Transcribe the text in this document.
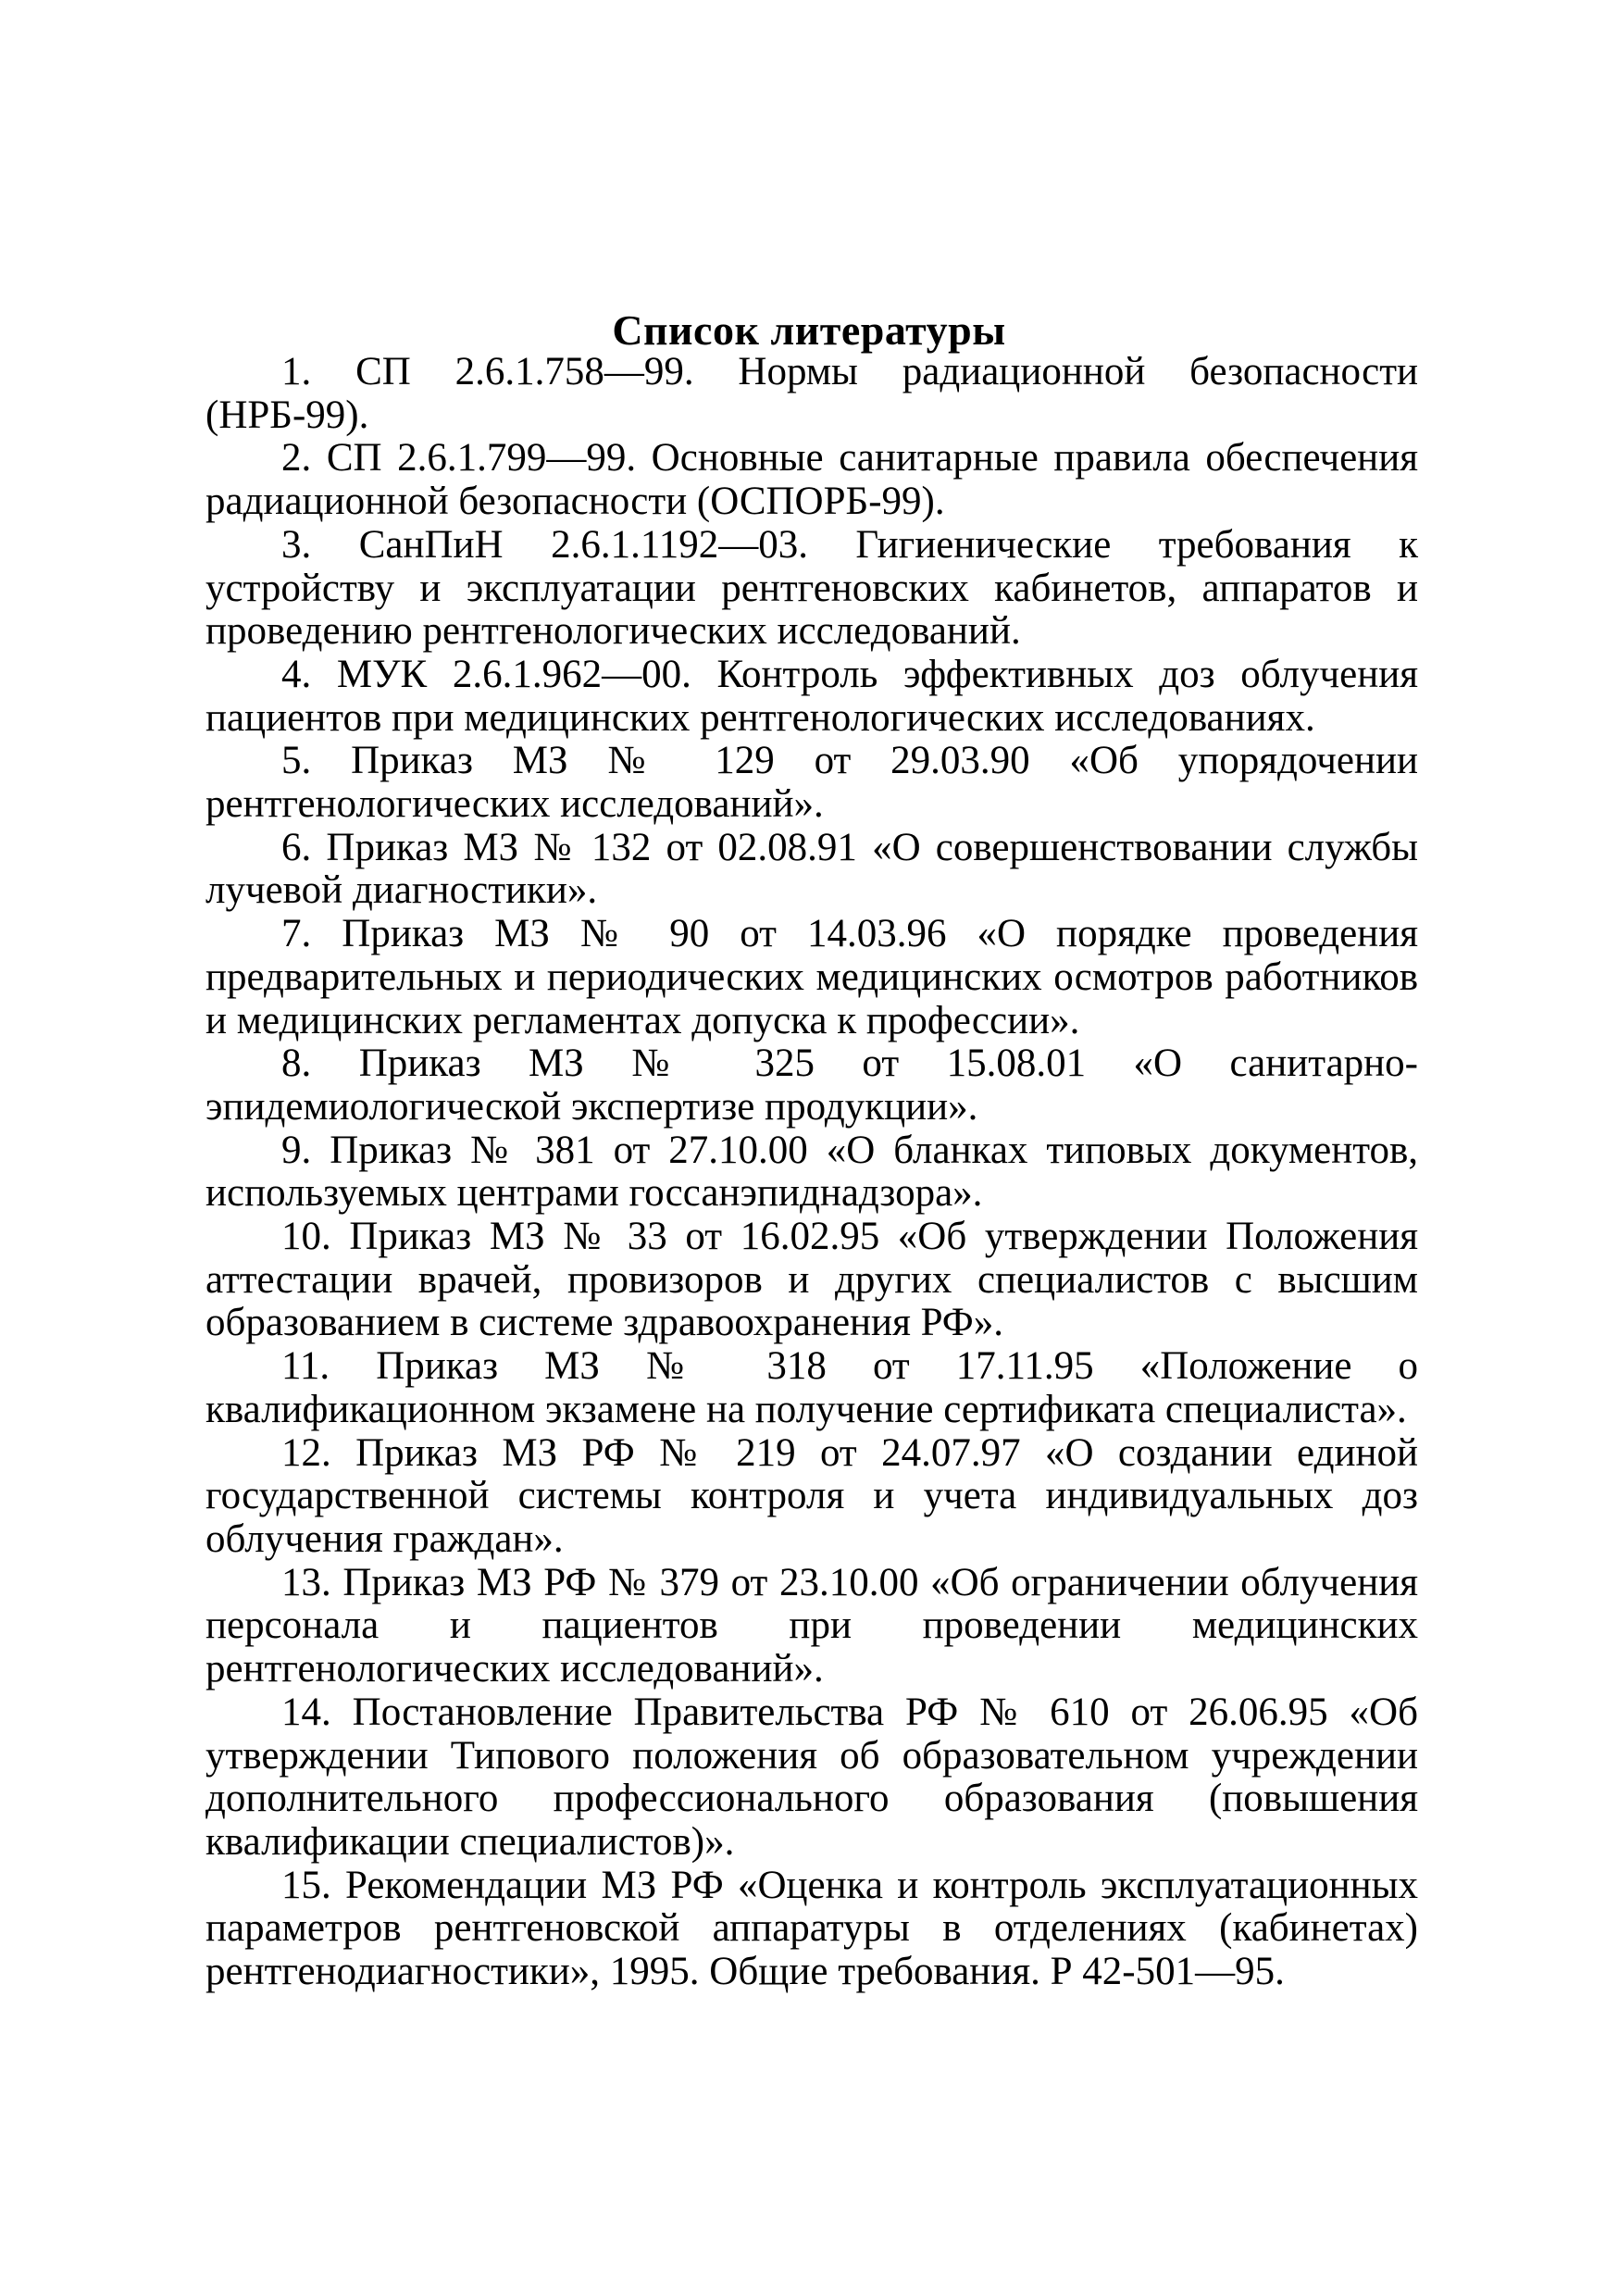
Список литературы
1. СП 2.6.1.758—99. Нормы радиационной безопасности (НРБ-99).
2. СП 2.6.1.799—99. Основные санитарные правила обеспечения радиационной безопасности (ОСПОРБ-99).
3. СанПиН 2.6.1.1192—03. Гигиенические требования к устройству и эксплуатации рентгеновских кабинетов, аппаратов и проведению рентгенологических исследований.
4. МУК 2.6.1.962—00. Контроль эффективных доз облучения пациентов при медицинских рентгенологических исследованиях.
5. Приказ МЗ № 129 от 29.03.90 «Об упорядочении рентгенологических исследований».
6. Приказ МЗ № 132 от 02.08.91 «О совершенствовании службы лучевой диагностики».
7. Приказ МЗ № 90 от 14.03.96 «О порядке проведения предварительных и периодических медицинских осмотров работников и медицинских регламентах допуска к профессии».
8. Приказ МЗ № 325 от 15.08.01 «О санитарно-эпидемиологической экспертизе продукции».
9. Приказ № 381 от 27.10.00 «О бланках типовых документов, используемых центрами госсанэпиднадзора».
10. Приказ МЗ № 33 от 16.02.95 «Об утверждении Положения аттестации врачей, провизоров и других специалистов с высшим образованием в системе здравоохранения РФ».
11. Приказ МЗ № 318 от 17.11.95 «Положение о квалификационном экзамене на получение сертификата специалиста».
12. Приказ МЗ РФ № 219 от 24.07.97 «О создании единой государственной системы контроля и учета индивидуальных доз облучения граждан».
13. Приказ МЗ РФ № 379 от 23.10.00 «Об ограничении облучения персонала и пациентов при проведении медицинских рентгенологических исследований».
14. Постановление Правительства РФ № 610 от 26.06.95 «Об утверждении Типового положения об образовательном учреждении дополнительного профессионального образования (повышения квалификации специалистов)».
15. Рекомендации МЗ РФ «Оценка и контроль эксплуатационных параметров рентгеновской аппаратуры в отделениях (кабинетах) рентгенодиагностики», 1995. Общие требования. Р 42-501—95.
